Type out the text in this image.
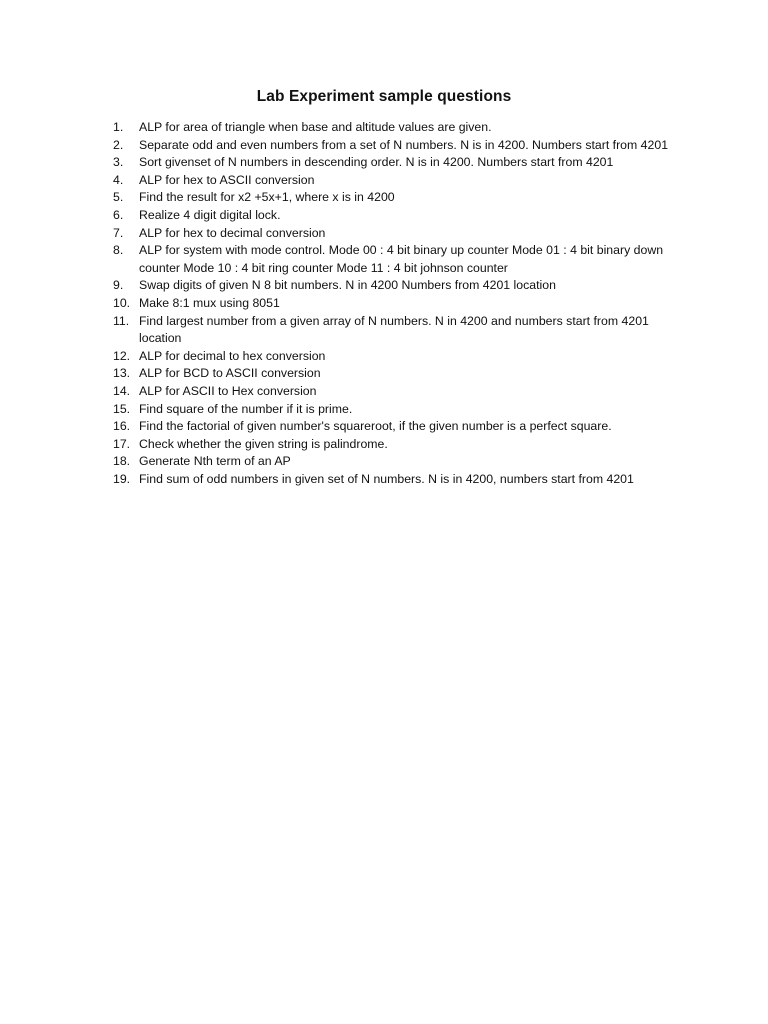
Lab Experiment sample questions
1.	ALP for area of triangle when base and altitude values are given.
2.	Separate odd and even numbers from a set of N numbers. N is in 4200. Numbers start from 4201
3.	Sort givenset of N numbers in descending order. N is in 4200. Numbers start from 4201
4.	ALP for hex to ASCII conversion
5.	Find the result for x2 +5x+1, where x is in 4200
6.	Realize 4 digit digital lock.
7.	ALP for hex to decimal conversion
8.	ALP for system with mode control. Mode 00 : 4 bit binary up counter Mode 01 : 4 bit binary down counter Mode 10 : 4 bit ring counter Mode 11 : 4 bit johnson counter
9.	Swap digits of given N 8 bit numbers. N in 4200 Numbers from 4201 location
10. Make 8:1 mux using 8051
11. Find largest number from a given array of N numbers. N in 4200 and numbers start from 4201 location
12. ALP for decimal to hex conversion
13. ALP for BCD to ASCII conversion
14. ALP for ASCII to Hex conversion
15. Find square of the number if it is prime.
16. Find the factorial of given number's squareroot, if the given number is a perfect square.
17. Check whether the given string is palindrome.
18. Generate Nth term of an AP
19. Find sum of odd numbers in given set of N numbers. N is in 4200, numbers start from 4201
